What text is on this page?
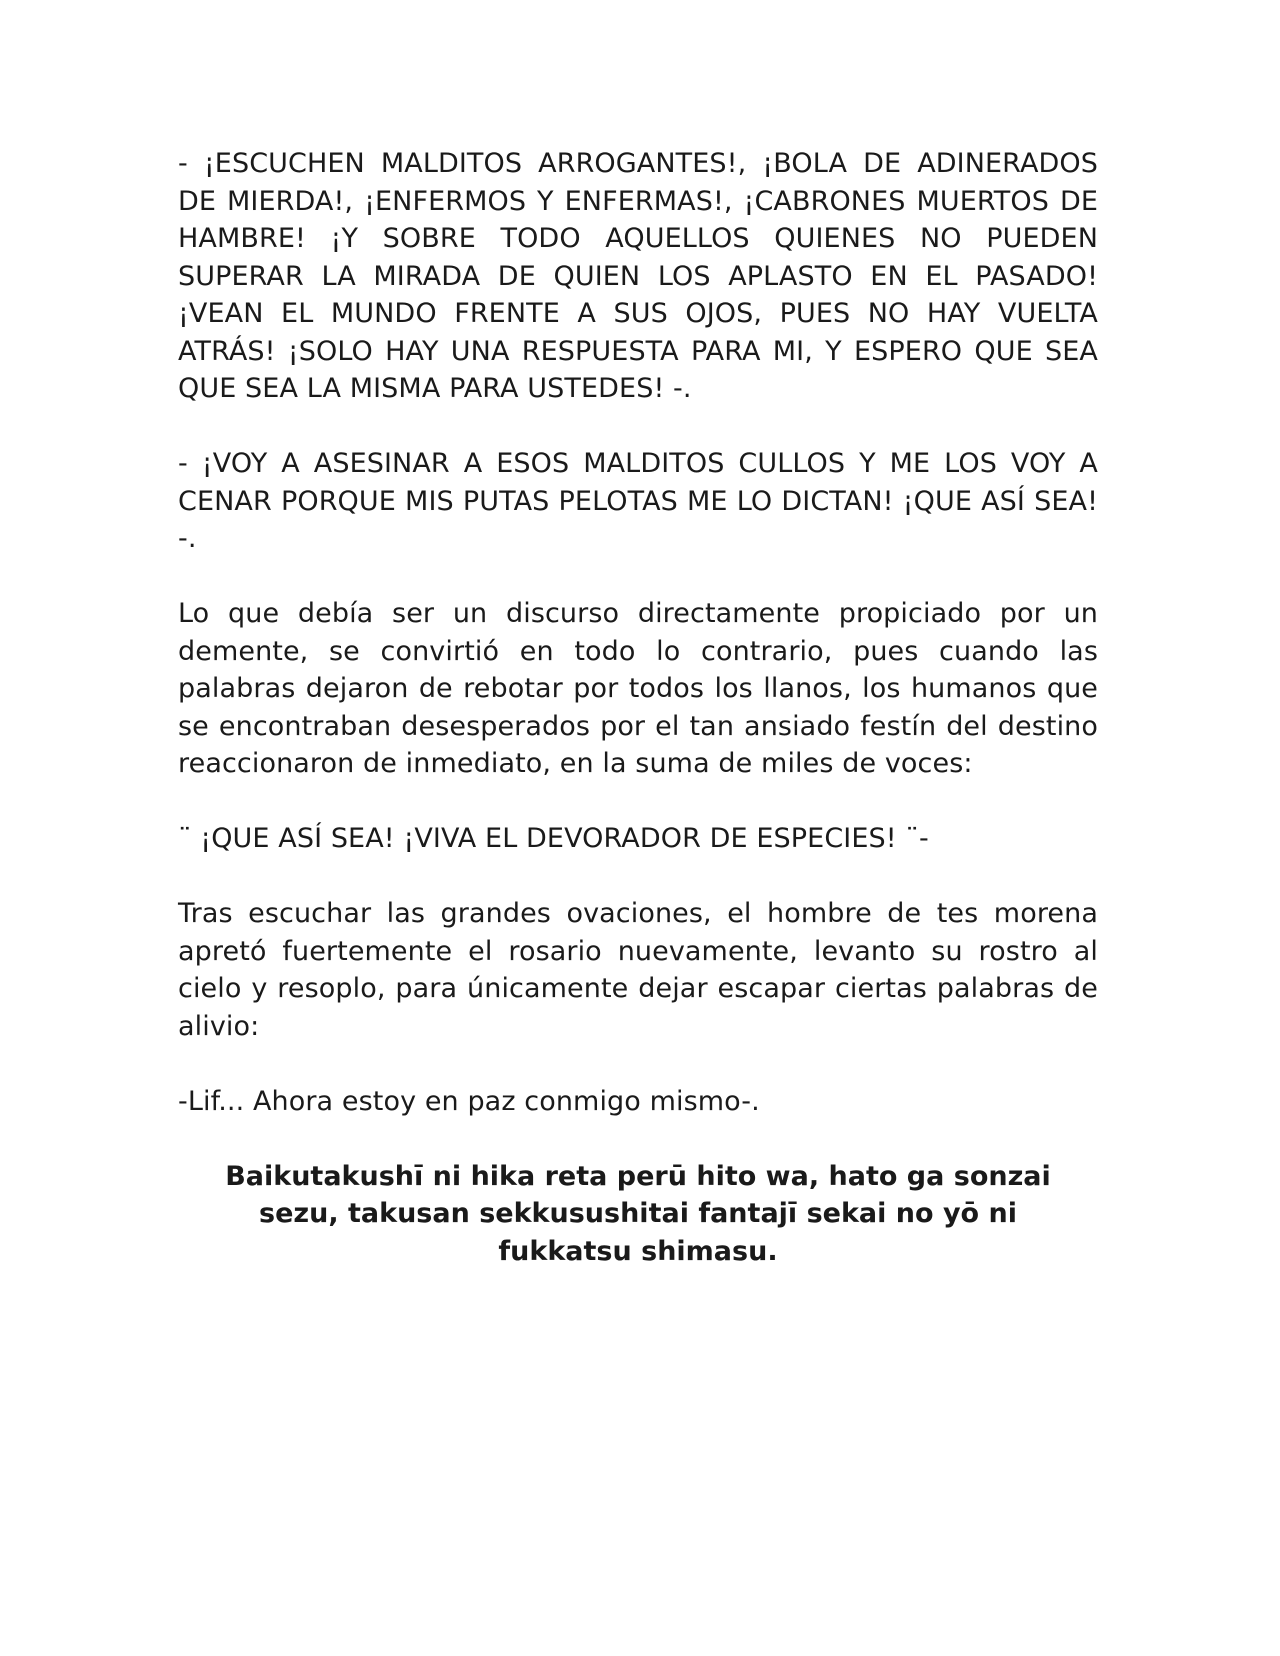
- ¡ESCUCHEN MALDITOS ARROGANTES!, ¡BOLA DE ADINERADOS DE MIERDA!, ¡ENFERMOS Y ENFERMAS!, ¡CABRONES MUERTOS DE HAMBRE! ¡Y SOBRE TODO AQUELLOS QUIENES NO PUEDEN SUPERAR LA MIRADA DE QUIEN LOS APLASTO EN EL PASADO! ¡VEAN EL MUNDO FRENTE A SUS OJOS, PUES NO HAY VUELTA ATRÁS! ¡SOLO HAY UNA RESPUESTA PARA MI, Y ESPERO QUE SEA QUE SEA LA MISMA PARA USTEDES! -.

- ¡VOY A ASESINAR A ESOS MALDITOS CULLOS Y ME LOS VOY A CENAR PORQUE MIS PUTAS PELOTAS ME LO DICTAN! ¡QUE ASÍ SEA! -.

Lo que debía ser un discurso directamente propiciado por un demente, se convirtió en todo lo contrario, pues cuando las palabras dejaron de rebotar por todos los llanos, los humanos que se encontraban desesperados por el tan ansiado festín del destino reaccionaron de inmediato, en la suma de miles de voces:

¨ ¡QUE ASÍ SEA! ¡VIVA EL DEVORADOR DE ESPECIES! ¨-

Tras escuchar las grandes ovaciones, el hombre de tes morena apretó fuertemente el rosario nuevamente, levanto su rostro al cielo y resoplo, para únicamente dejar escapar ciertas palabras de alivio:

-Lif... Ahora estoy en paz conmigo mismo-.

Baikutakushī ni hika reta perū hito wa, hato ga sonzai sezu, takusan sekkusushitai fantajī sekai no yō ni fukkatsu shimasu.
